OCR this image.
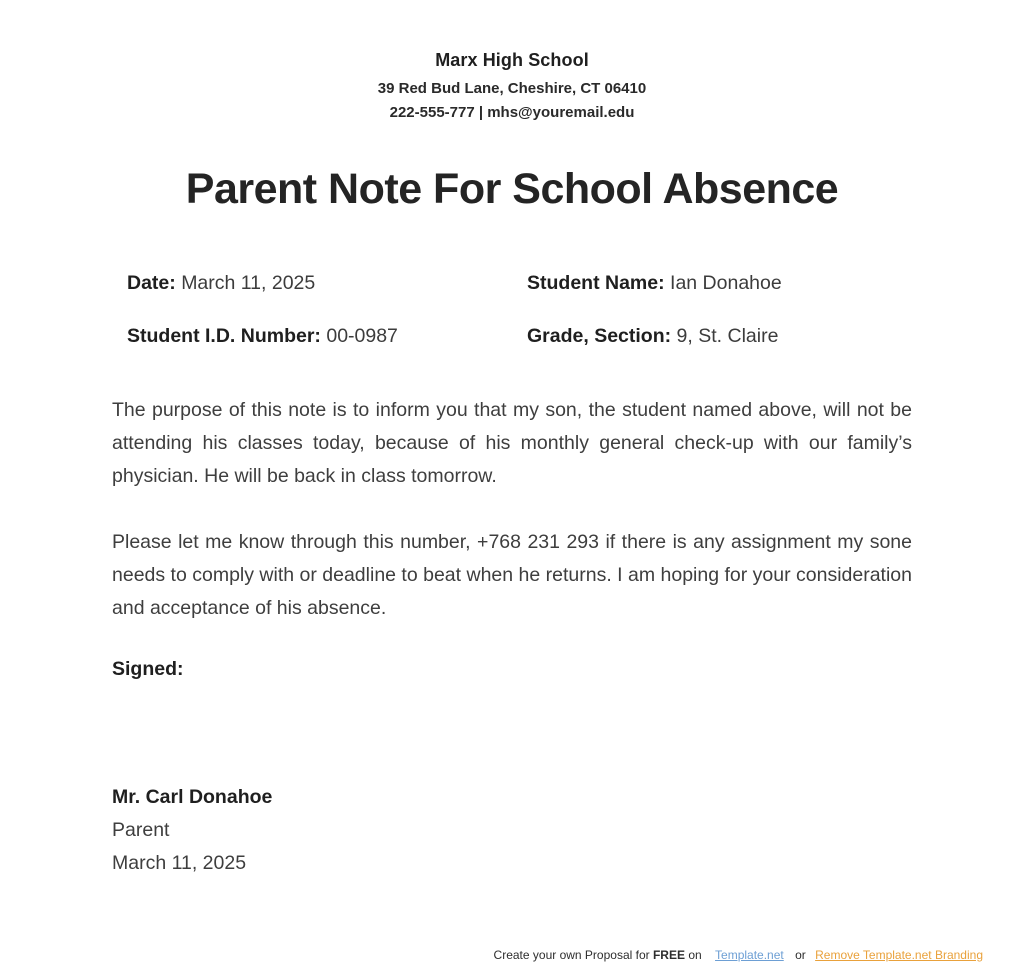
Marx High School
39 Red Bud Lane, Cheshire, CT 06410
222-555-777 | mhs@youremail.edu
Parent Note For School Absence
Date: March 11, 2025	Student Name: Ian Donahoe
Student I.D. Number: 00-0987	Grade, Section: 9, St. Claire

The purpose of this note is to inform you that my son, the student named above, will not be attending his classes today, because of his monthly general check-up with our family’s physician. He will be back in class tomorrow.

Please let me know through this number, +768 231 293 if there is any assignment my sone needs to comply with or deadline to beat when he returns. I am hoping for your consideration and acceptance of his absence.

Signed:
Mr. Carl Donahoe
Parent
March 11, 2025
Create your own Proposal for FREE on Template.net or Remove Template.net Branding
